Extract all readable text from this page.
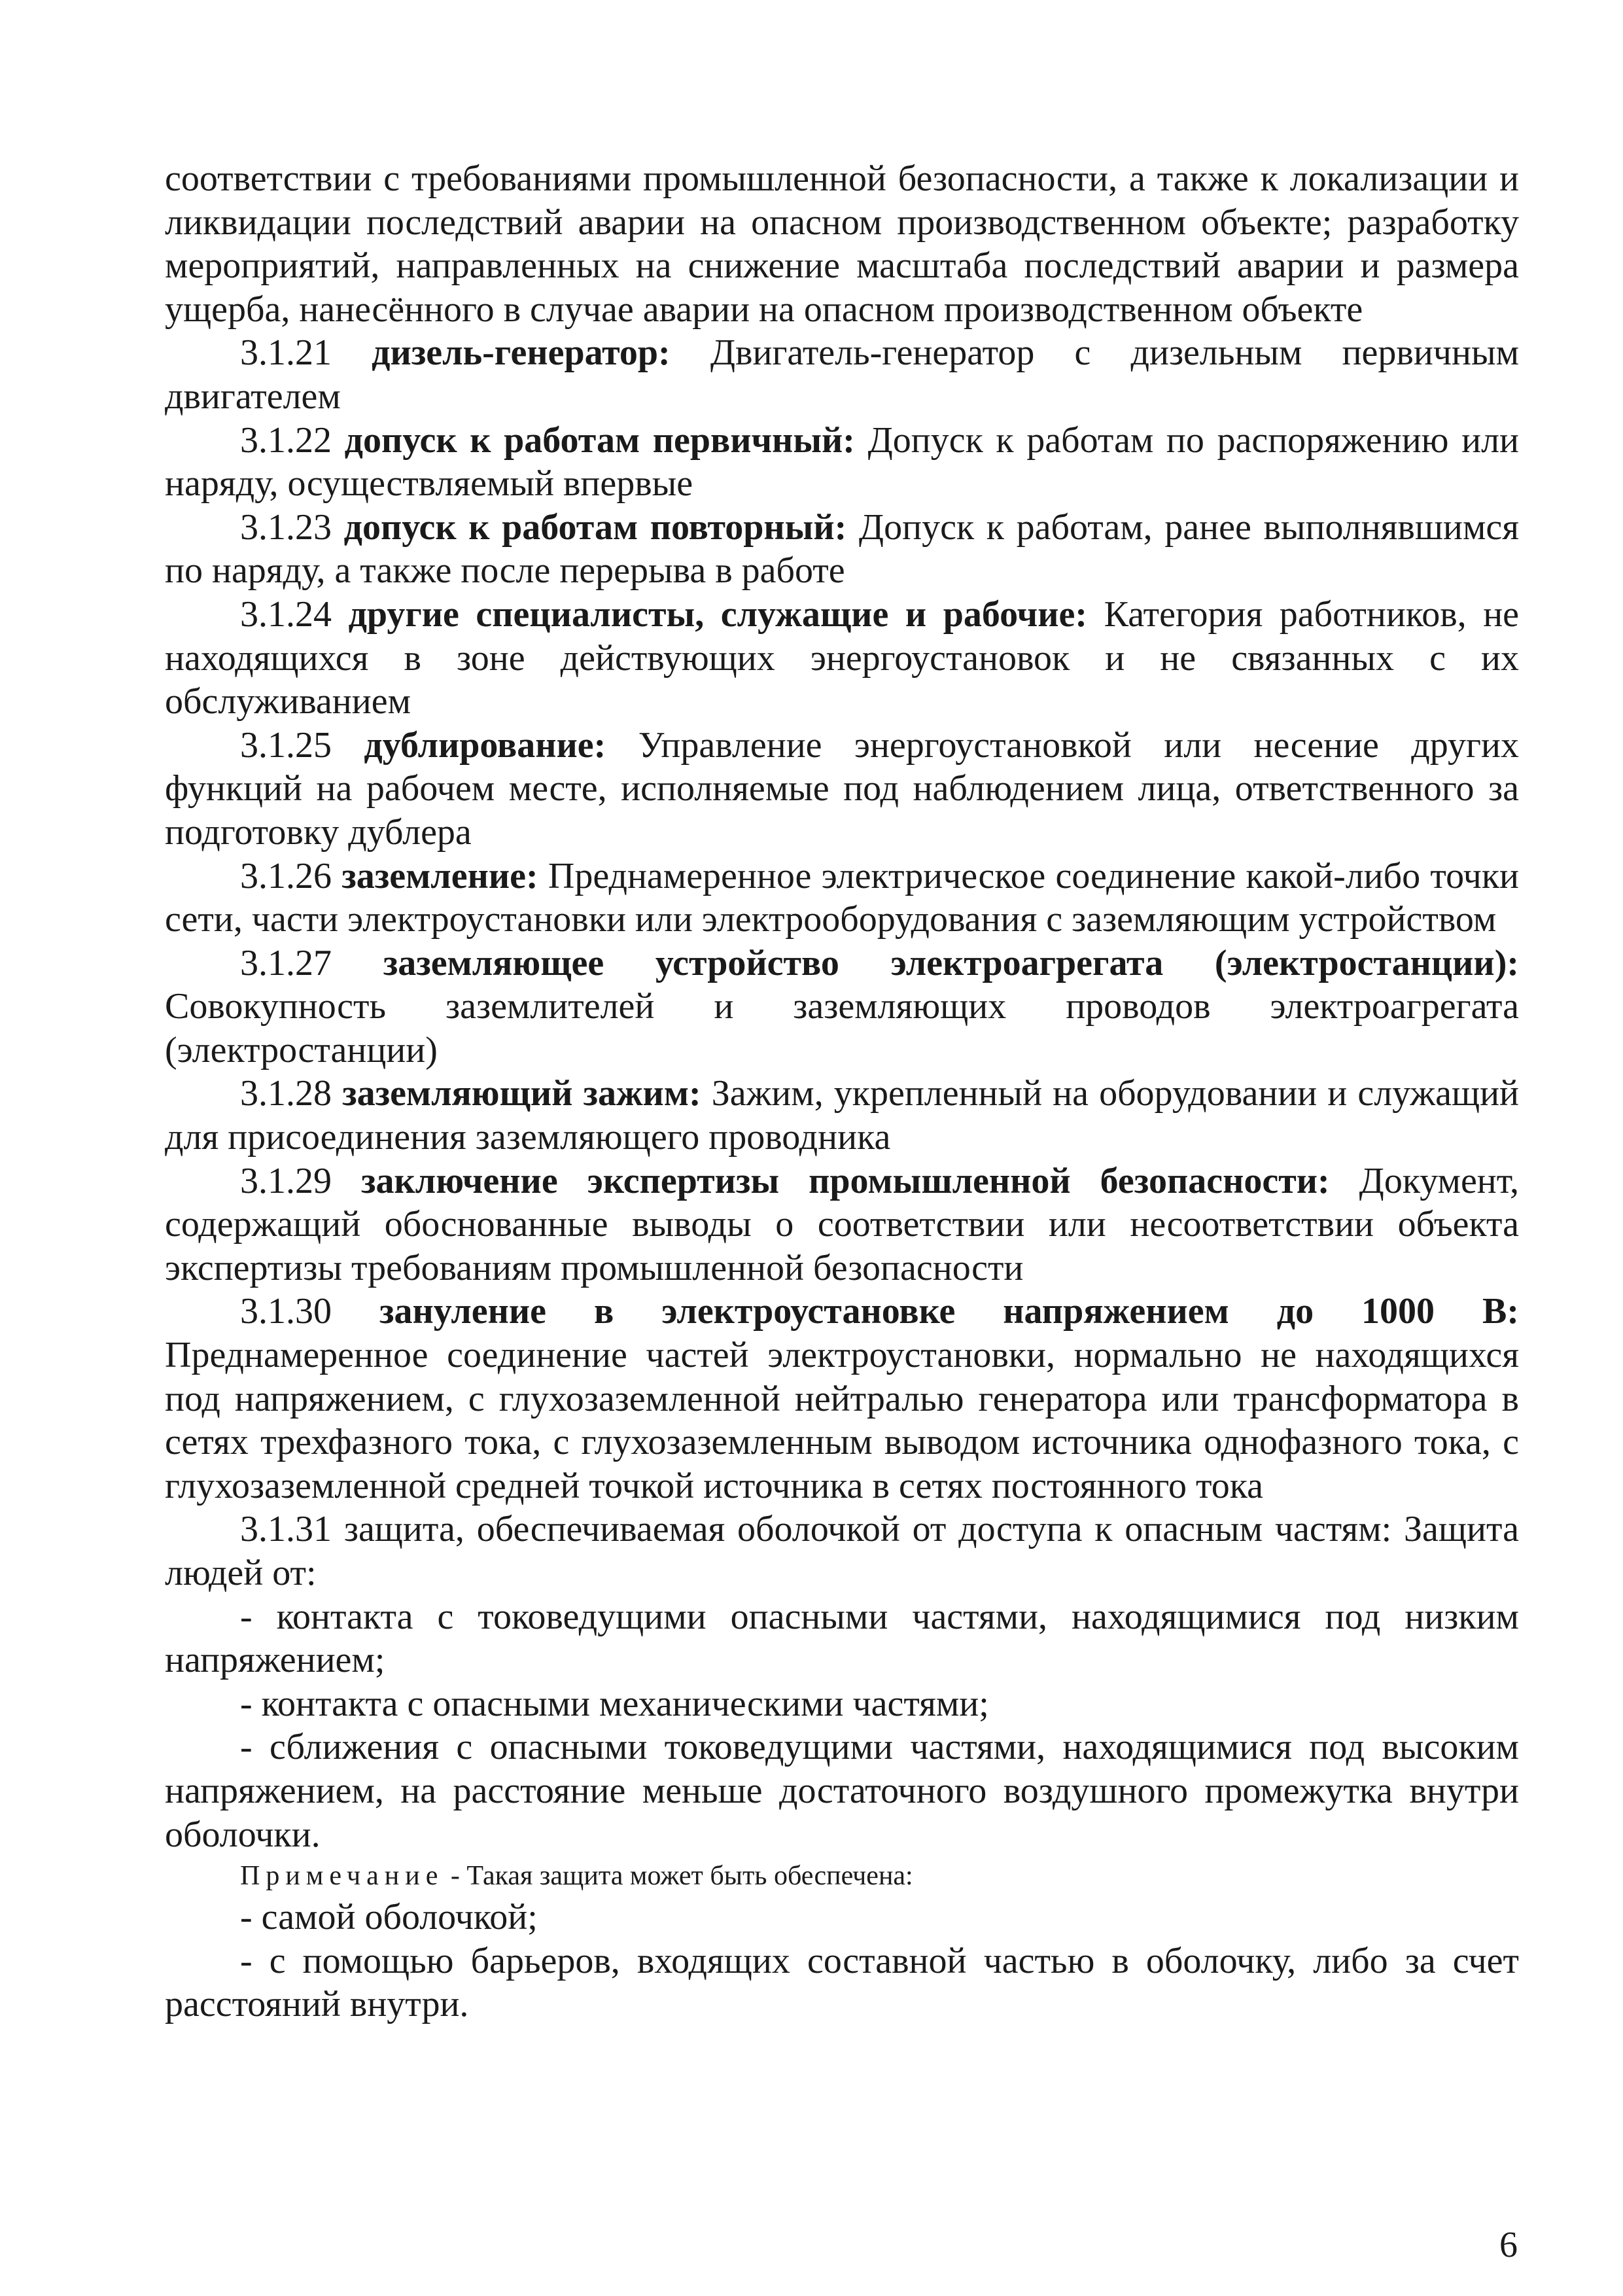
соответствии с требованиями промышленной безопасности, а также к локализации и ликвидации последствий аварии на опасном производственном объекте; разработку мероприятий, направленных на снижение масштаба последствий аварии и размера ущерба, нанесённого в случае аварии на опасном производственном объекте

3.1.21 дизель-генератор: Двигатель-генератор с дизельным первичным двигателем

3.1.22 допуск к работам первичный: Допуск к работам по распоряжению или наряду, осуществляемый впервые

3.1.23 допуск к работам повторный: Допуск к работам, ранее выполнявшимся по наряду, а также после перерыва в работе

3.1.24 другие специалисты, служащие и рабочие: Категория работников, не находящихся в зоне действующих энергоустановок и не связанных с их обслуживанием

3.1.25 дублирование: Управление энергоустановкой или несение других функций на рабочем месте, исполняемые под наблюдением лица, ответственного за подготовку дублера

3.1.26 заземление: Преднамеренное электрическое соединение какой-либо точки сети, части электроустановки или электрооборудования с заземляющим устройством

3.1.27 заземляющее устройство электроагрегата (электростанции): Совокупность заземлителей и заземляющих проводов электроагрегата (электростанции)

3.1.28 заземляющий зажим: Зажим, укрепленный на оборудовании и служащий для присоединения заземляющего проводника

3.1.29 заключение экспертизы промышленной безопасности: Документ, содержащий обоснованные выводы о соответствии или несоответствии объекта экспертизы требованиям промышленной безопасности

3.1.30 зануление в электроустановке напряжением до 1000 В: Преднамеренное соединение частей электроустановки, нормально не находящихся под напряжением, с глухозаземленной нейтралью генератора или трансформатора в сетях трехфазного тока, с глухозаземленным выводом источника однофазного тока, с глухозаземленной средней точкой источника в сетях постоянного тока

3.1.31 защита, обеспечиваемая оболочкой от доступа к опасным частям: Защита людей от:

- контакта с токоведущими опасными частями, находящимися под низким напряжением;

- контакта с опасными механическими частями;

- сближения с опасными токоведущими частями, находящимися под высоким напряжением, на расстояние меньше достаточного воздушного промежутка внутри оболочки.

Примечание - Такая защита может быть обеспечена:

- самой оболочкой;

- с помощью барьеров, входящих составной частью в оболочку, либо за счет расстояний внутри.

6
